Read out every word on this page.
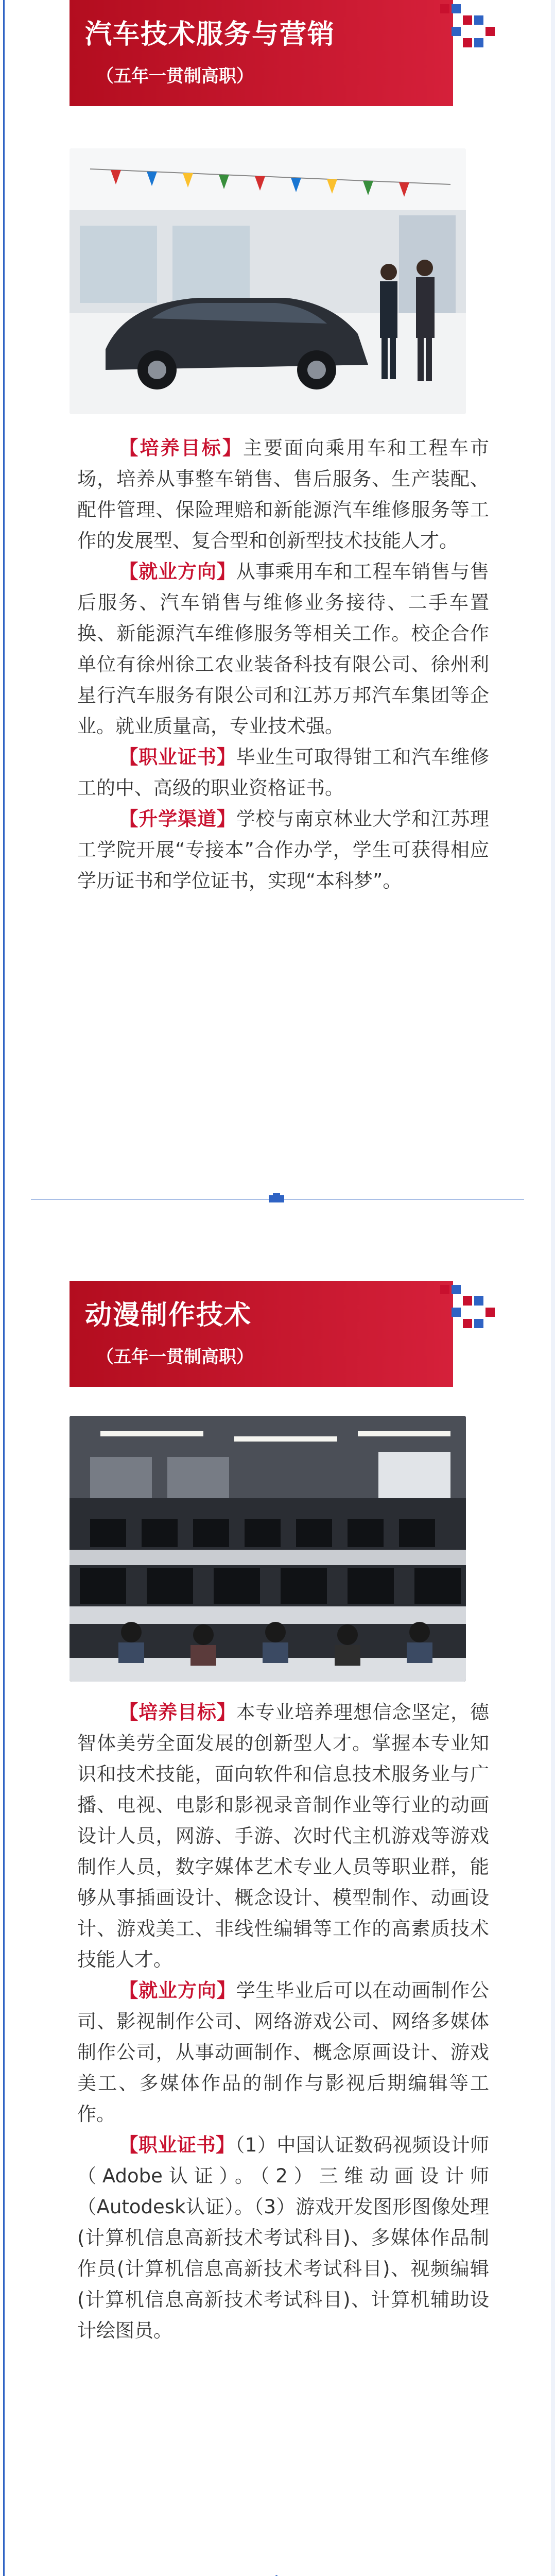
汽车技术服务与营销
（五年一贯制高职）

【培养目标】主要面向乘用车和工程车市场，培养从事整车销售、售后服务、生产装配、配件管理、保险理赔和新能源汽车维修服务等工作的发展型、复合型和创新型技术技能人才。

【就业方向】从事乘用车和工程车销售与售后服务、汽车销售与维修业务接待、二手车置换、新能源汽车维修服务等相关工作。校企合作单位有徐州徐工农业装备科技有限公司、徐州利星行汽车服务有限公司和江苏万邦汽车集团等企业。就业质量高，专业技术强。

【职业证书】毕业生可取得钳工和汽车维修工的中、高级的职业资格证书。

【升学渠道】学校与南京林业大学和江苏理工学院开展“专接本”合作办学，学生可获得相应学历证书和学位证书，实现“本科梦”。

动漫制作技术
（五年一贯制高职）

【培养目标】本专业培养理想信念坚定，德智体美劳全面发展的创新型人才。掌握本专业知识和技术技能，面向软件和信息技术服务业与广播、电视、电影和影视录音制作业等行业的动画设计人员，网游、手游、次时代主机游戏等游戏制作人员，数字媒体艺术专业人员等职业群，能够从事插画设计、概念设计、模型制作、动画设计、游戏美工、非线性编辑等工作的高素质技术技能人才。

【就业方向】学生毕业后可以在动画制作公司、影视制作公司、网络游戏公司、网络多媒体制作公司，从事动画制作、概念原画设计、游戏美工、多媒体作品的制作与影视后期编辑等工作。

【职业证书】（1）中国认证数码视频设计师（Adobe认证）。（2）三维动画设计师（Autodesk认证）。（3）游戏开发图形图像处理(计算机信息高新技术考试科目)、多媒体作品制作员(计算机信息高新技术考试科目)、视频编辑(计算机信息高新技术考试科目)、计算机辅助设计绘图员。
